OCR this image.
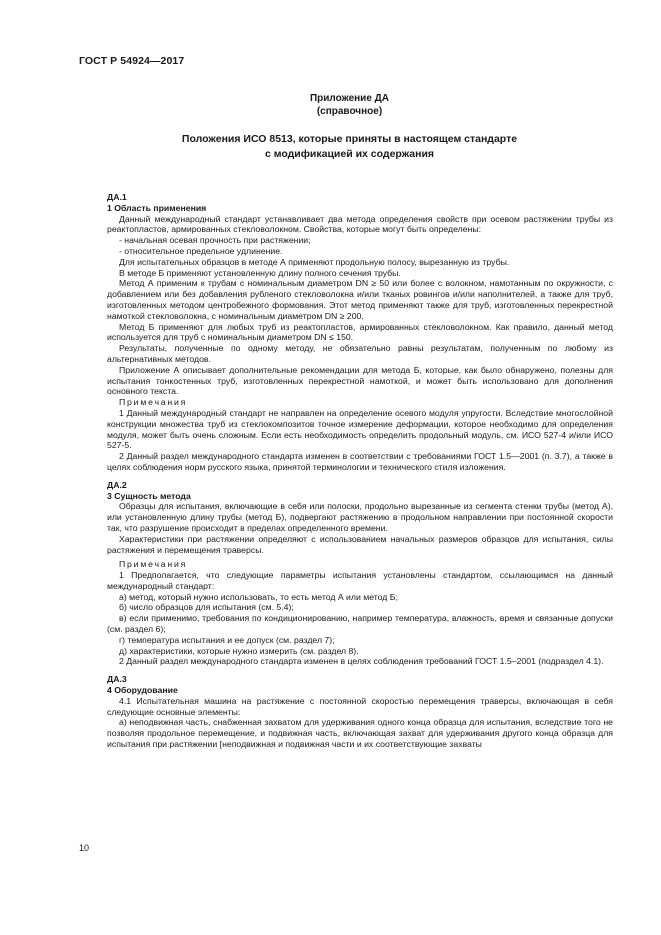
ГОСТ Р 54924—2017
Приложение ДА
(справочное)
Положения ИСО 8513, которые приняты в настоящем стандарте
с модификацией их содержания

ДА.1

1 Область применения

Данный международный стандарт устанавливает два метода определения свойств при осевом растяжении трубы из реактопластов, армированных стекловолокном. Свойства, которые могут быть определены:

- начальная осевая прочность при растяжении;

- относительное предельное удлинение.

Для испытательных образцов в методе А применяют продольную полосу, вырезанную из трубы.

В методе Б применяют установленную длину полного сечения трубы.

Метод А применим к трубам с номинальным диаметром DN ≥ 50 или более с волокном, намотанным по окружности, с добавлением или без добавления рубленого стекловолокна и/или тканых ровингов и/или наполнителей, а также для труб, изготовленных методом центробежного формования. Этот метод применяют также для труб, изготовленных перекрестной намоткой стекловолокна, с номинальным диаметром DN ≥ 200.

Метод Б применяют для любых труб из реактопластов, армированных стекловолокном. Как правило, данный метод используется для труб с номинальным диаметром DN ≤ 150.

Результаты, полученные по одному методу, не обязательно равны результатам, полученным по любому из альтернативных методов.

Приложение А описывает дополнительные рекомендации для метода Б, которые, как было обнаружено, полезны для испытания тонкостенных труб, изготовленных перекрестной намоткой, и может быть использовано для дополнения основного текста.

Примечания

1 Данный международный стандарт не направлен на определение осевого модуля упругости. Вследствие многослойной конструкции множества труб из стеклокомпозитов точное измерение деформации, которое необходимо для определения модуля, может быть очень сложным. Если есть необходимость определить продольный модуль, см. ИСО 527-4 и/или ИСО 527-5.

2 Данный раздел международного стандарта изменен в соответствии с требованиями ГОСТ 1.5—2001 (п. 3.7), а также в целях соблюдения норм русского языка, принятой терминологии и технического стиля изложения.

ДА.2

3 Сущность метода

Образцы для испытания, включающие в себя или полоски, продольно вырезанные из сегмента стенки трубы (метод А), или установленную длину трубы (метод Б), подвергают растяжению в продольном направлении при постоянной скорости так, что разрушение происходит в пределах определенного времени.

Характеристики при растяжении определяют с использованием начальных размеров образцов для испытания, силы растяжения и перемещения траверсы.

Примечания

1 Предполагается, что следующие параметры испытания установлены стандартом, ссылающимся на данный международный стандарт:

а) метод, который нужно использовать, то есть метод А или метод Б;

б) число образцов для испытания (см. 5.4);

в) если применимо, требования по кондиционированию, например температура, влажность, время и связанные допуски (см. раздел 6);

г) температура испытания и ее допуск (см. раздел 7);

д) характеристики, которые нужно измерить (см. раздел 8).

2 Данный раздел международного стандарта изменен в целях соблюдения требований ГОСТ 1.5–2001 (подраздел 4.1).

ДА.3

4 Оборудование

4.1 Испытательная машина на растяжение с постоянной скоростью перемещения траверсы, включающая в себя следующие основные элементы:

а) неподвижная часть, снабженная захватом для удерживания одного конца образца для испытания, вследствие того не позволяя продольное перемещение, и подвижная часть, включающая захват для удерживания другого конца образца для испытания при растяжении [неподвижная и подвижная части и их соответствующие захваты

10
